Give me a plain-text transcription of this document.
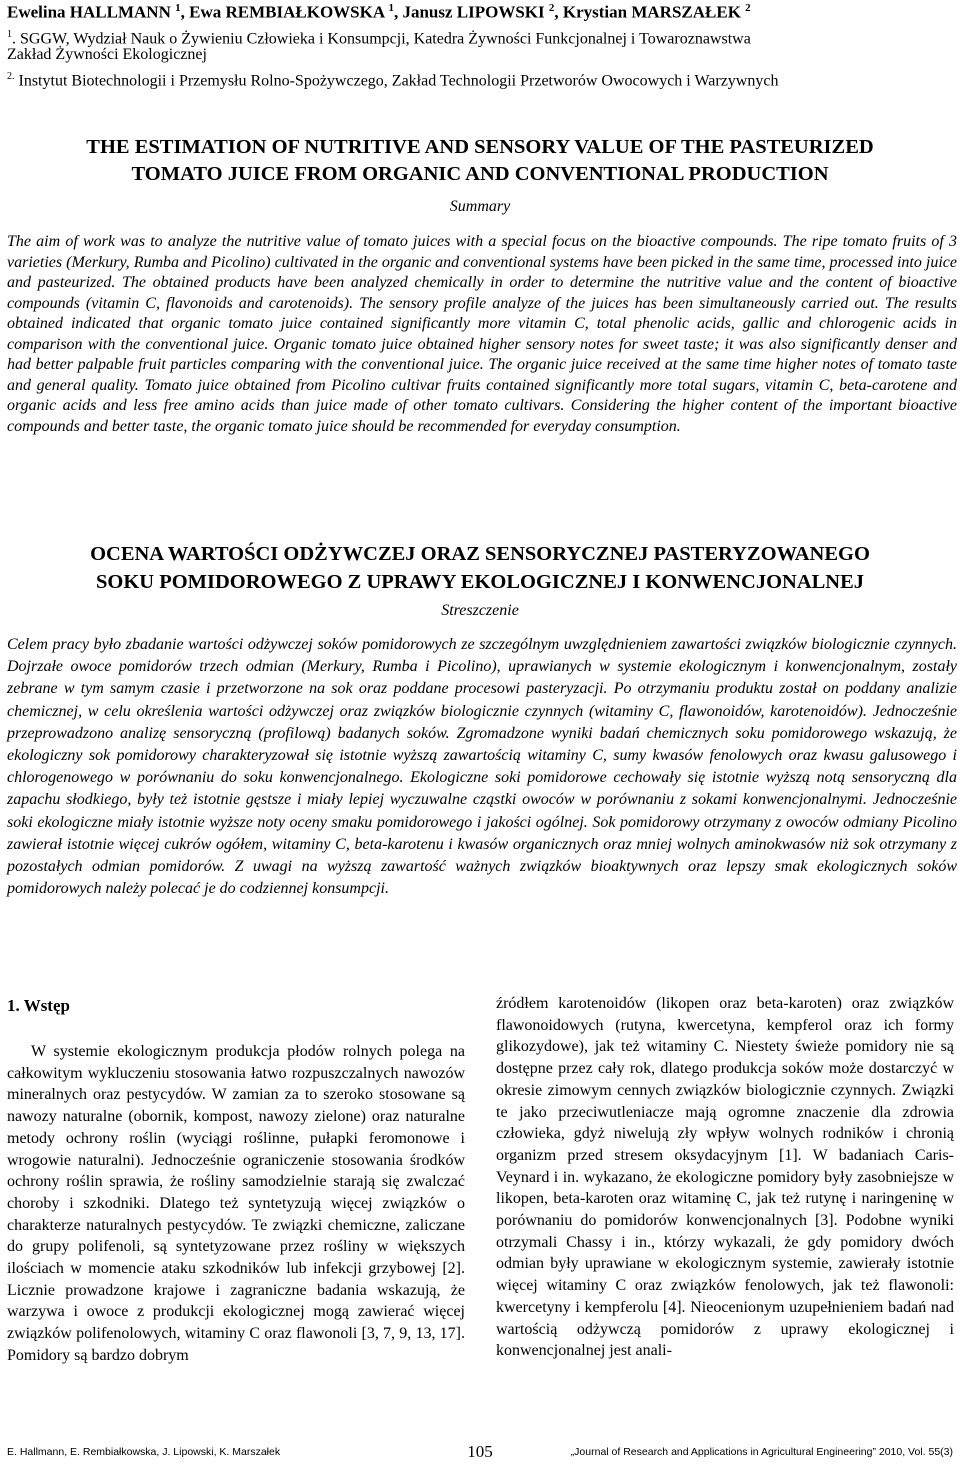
Ewelina HALLMANN $^1$, Ewa REMBIAŁKOWSKA $^1$, Janusz LIPOWSKI $^2$, Krystian MARSZAŁEK $^2$
$^1$. SGGW, Wydział Nauk o Żywieniu Człowieka i Konsumpcji, Katedra Żywności Funkcjonalnej i Towaroznawstwa
Zakład Żywności Ekologicznej
$^{2.}$ Instytut Biotechnologii i Przemysłu Rolno-Spożywczego, Zakład Technologii Przetworów Owocowych i Warzywnych
THE ESTIMATION OF NUTRITIVE AND SENSORY VALUE OF THE PASTEURIZED
TOMATO JUICE FROM ORGANIC AND CONVENTIONAL PRODUCTION
Summary
The aim of work was to analyze the nutritive value of tomato juices with a special focus on the bioactive compounds. The ripe tomato fruits of 3 varieties (Merkury, Rumba and Picolino) cultivated in the organic and conventional systems have been picked in the same time, processed into juice and pasteurized. The obtained products have been analyzed chemically in order to determine the nutritive value and the content of bioactive compounds (vitamin C, flavonoids and carotenoids). The sensory profile analyze of the juices has been simultaneously carried out. The results obtained indicated that organic tomato juice contained significantly more vitamin C, total phenolic acids, gallic and chlorogenic acids in comparison with the conventional juice. Organic tomato juice obtained higher sensory notes for sweet taste; it was also significantly denser and had better palpable fruit particles comparing with the conventional juice. The organic juice received at the same time higher notes of tomato taste and general quality. Tomato juice obtained from Picolino cultivar fruits contained significantly more total sugars, vitamin C, beta-carotene and organic acids and less free amino acids than juice made of other tomato cultivars. Considering the higher content of the important bioactive compounds and better taste, the organic tomato juice should be recommended for everyday consumption.
OCENA WARTOŚCI ODŻYWCZEJ ORAZ SENSORYCZNEJ PASTERYZOWANEGO
SOKU POMIDOROWEGO Z UPRAWY EKOLOGICZNEJ I KONWENCJONALNEJ
Streszczenie
Celem pracy było zbadanie wartości odżywczej soków pomidorowych ze szczególnym uwzględnieniem zawartości związków biologicznie czynnych. Dojrzałe owoce pomidorów trzech odmian (Merkury, Rumba i Picolino), uprawianych w systemie ekologicznym i konwencjonalnym, zostały zebrane w tym samym czasie i przetworzone na sok oraz poddane procesowi pasteryzacji. Po otrzymaniu produktu został on poddany analizie chemicznej, w celu określenia wartości odżywczej oraz związków biologicznie czynnych (witaminy C, flawonoidów, karotenoidów). Jednocześnie przeprowadzono analizę sensoryczną (profilową) badanych soków. Zgromadzone wyniki badań chemicznych soku pomidorowego wskazują, że ekologiczny sok pomidorowy charakteryzował się istotnie wyższą zawartością witaminy C, sumy kwasów fenolowych oraz kwasu galusowego i chlorogenowego w porównaniu do soku konwencjonalnego. Ekologiczne soki pomidorowe cechowały się istotnie wyższą notą sensoryczną dla zapachu słodkiego, były też istotnie gęstsze i miały lepiej wyczuwalne cząstki owoców w porównaniu z sokami konwencjonalnymi. Jednocześnie soki ekologiczne miały istotnie wyższe noty oceny smaku pomidorowego i jakości ogólnej. Sok pomidorowy otrzymany z owoców odmiany Picolino zawierał istotnie więcej cukrów ogółem, witaminy C, beta-karotenu i kwasów organicznych oraz mniej wolnych aminokwasów niż sok otrzymany z pozostałych odmian pomidorów. Z uwagi na wyższą zawartość ważnych związków bioaktywnych oraz lepszy smak ekologicznych soków pomidorowych należy polecać je do codziennej konsumpcji.
1. Wstęp
W systemie ekologicznym produkcja płodów rolnych polega na całkowitym wykluczeniu stosowania łatwo rozpuszczalnych nawozów mineralnych oraz pestycydów. W zamian za to szeroko stosowane są nawozy naturalne (obornik, kompost, nawozy zielone) oraz naturalne metody ochrony roślin (wyciągi roślinne, pułapki feromonowe i wrogowie naturalni). Jednocześnie ograniczenie stosowania środków ochrony roślin sprawia, że rośliny samodzielnie starają się zwalczać choroby i szkodniki. Dlatego też syntetyzują więcej związków o charakterze naturalnych pestycydów. Te związki chemiczne, zaliczane do grupy polifenoli, są syntetyzowane przez rośliny w większych ilościach w momencie ataku szkodników lub infekcji grzybowej [2]. Licznie prowadzone krajowe i zagraniczne badania wskazują, że warzywa i owoce z produkcji ekologicznej mogą zawierać więcej związków polifenolowych, witaminy C oraz flawonoli [3, 7, 9, 13, 17]. Pomidory są bardzo dobrym
źródłem karotenoidów (likopen oraz beta-karoten) oraz związków flawonoidowych (rutyna, kwercetyna, kempferol oraz ich formy glikozydowe), jak też witaminy C. Niestety świeże pomidory nie są dostępne przez cały rok, dlatego produkcja soków może dostarczyć w okresie zimowym cennych związków biologicznie czynnych. Związki te jako przeciwutleniacze mają ogromne znaczenie dla zdrowia człowieka, gdyż niwelują zły wpływ wolnych rodników i chronią organizm przed stresem oksydacyjnym [1]. W badaniach Caris-Veynard i in. wykazano, że ekologiczne pomidory były zasobniejsze w likopen, beta-karoten oraz witaminę C, jak też rutynę i naringeninę w porównaniu do pomidorów konwencjonalnych [3]. Podobne wyniki otrzymali Chassy i in., którzy wykazali, że gdy pomidory dwóch odmian były uprawiane w ekologicznym systemie, zawierały istotnie więcej witaminy C oraz związków fenolowych, jak też flawonoli: kwercetyny i kempferolu [4]. Nieocenionym uzupełnieniem badań nad wartością odżywczą pomidorów z uprawy ekologicznej i konwencjonalnej jest anali-
E. Hallmann, E. Rembiałkowska, J. Lipowski, K. Marszałek	105	„Journal of Research and Applications in Agricultural Engineering” 2010, Vol. 55(3)
